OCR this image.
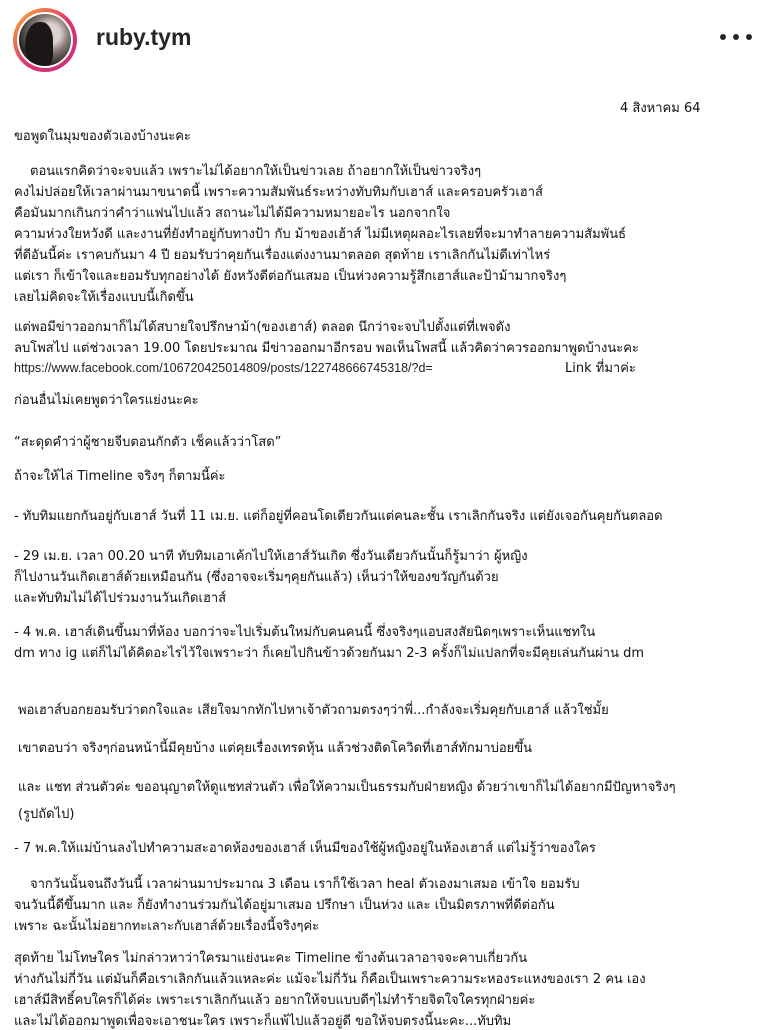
ruby.tym
4 สิงหาคม 64
ขอพูดในมุมของตัวเองบ้างนะคะ
ตอนแรกคิดว่าจะจบแล้ว เพราะไม่ได้อยากให้เป็นข่าวเลย ถ้าอยากให้เป็นข่าวจริงๆ
คงไม่ปล่อยให้เวลาผ่านมาขนาดนี้ เพราะความสัมพันธ์ระหว่างทับทิมกับเฮาส์ และครอบครัวเฮาส์
คือมันมากเกินกว่าคำว่าแฟนไปแล้ว สถานะไม่ได้มีความหมายอะไร นอกจากใจ
ความห่วงใยหวังดี และงานที่ยังทำอยู่กับทางป้า กับ ม้าของเฮ้าส์ ไม่มีเหตุผลอะไรเลยที่จะมาทำลายความสัมพันธ์
ที่ดีอันนี้ค่ะ เราคบกันมา 4 ปี ยอมรับว่าคุยกันเรื่องแต่งงานมาตลอด สุดท้าย เราเลิกกันไม่ดีเท่าไหร่
แต่เรา ก็เข้าใจและยอมรับทุกอย่างได้ ยังหวังดีต่อกันเสมอ เป็นห่วงความรู้สึกเฮาส์และป้าม้ามากจริงๆ
เลยไม่คิดจะให้เรื่องแบบนี้เกิดขึ้น
แต่พอมีข่าวออกมาก็ไม่ได้สบายใจปรึกษาม้า(ของเฮาส์) ตลอด นึกว่าจะจบไปตั้งแต่ที่เพจดัง
ลบโพสไป แต่ช่วงเวลา 19.00 โดยประมาณ มีข่าวออกมาอีกรอบ พอเห็นโพสนี้ แล้วคิดว่าควรออกมาพูดบ้างนะคะ
https://www.facebook.com/106720425014809/posts/122748666745318/?d=	Link ที่มาค่ะ
ก่อนอื่นไม่เคยพูดว่าใครแย่งนะคะ
“สะดุดคำว่าผู้ชายจีบตอนกักตัว เช็คแล้วว่าโสด”
ถ้าจะให้ไล่ Timeline จริงๆ ก็ตามนี้ค่ะ
- ทับทิมแยกกันอยู่กับเฮาส์ วันที่ 11 เม.ย. แต่ก็อยู่ที่คอนโดเดียวกันแต่คนละชั้น เราเลิกกันจริง แต่ยังเจอกันคุยกันตลอด
- 29 เม.ย. เวลา 00.20 นาที ทับทิมเอาเค้กไปให้เฮาส์วันเกิด ซึ่งวันเดียวกันนั้นก็รู้มาว่า ผู้หญิง
ก็ไปงานวันเกิดเฮาส์ด้วยเหมือนกัน (ซึ่งอาจจะเริ่มๆคุยกันแล้ว) เห็นว่าให้ของขวัญกันด้วย
และทับทิมไม่ได้ไปร่วมงานวันเกิดเฮาส์
- 4 พ.ค. เฮาส์เดินขึ้นมาที่ห้อง บอกว่าจะไปเริ่มต้นใหม่กับคนคนนี้ ซึ่งจริงๆแอบสงสัยนิดๆเพราะเห็นแชทใน
dm ทาง ig แต่ก็ไม่ได้คิดอะไรไว้ใจเพราะว่า ก็เคยไปกินข้าวด้วยกันมา 2-3 ครั้งก็ไม่แปลกที่จะมีคุยเล่นกันผ่าน dm
พอเฮาส์บอกยอมรับว่าตกใจและ เสียใจมากทักไปหาเจ้าตัวถามตรงๆว่าพี่...กำลังจะเริ่มคุยกับเฮาส์ แล้วใช่มั้ย
เขาตอบว่า จริงๆก่อนหน้านี้มีคุยบ้าง แต่คุยเรื่องเทรดหุ้น แล้วช่วงติดโควิดที่เฮาส์ทักมาบ่อยขึ้น
และ แชท ส่วนตัวค่ะ ขออนุญาตให้ดูแชทส่วนตัว เพื่อให้ความเป็นธรรมกับฝ่ายหญิง ด้วยว่าเขาก็ไม่ได้อยากมีปัญหาจริงๆ
(รูปถัดไป)
- 7 พ.ค.ให้แม่บ้านลงไปทำความสะอาดห้องของเฮาส์ เห็นมีของใช้ผู้หญิงอยู่ในห้องเฮาส์ แต่ไม่รู้ว่าของใคร
จากวันนั้นจนถึงวันนี้ เวลาผ่านมาประมาณ 3 เดือน เราก็ใช้เวลา heal ตัวเองมาเสมอ เข้าใจ ยอมรับ
จนวันนี้ดีขึ้นมาก และ ก็ยังทำงานร่วมกันได้อยู่มาเสมอ ปรึกษา เป็นห่วง และ เป็นมิตรภาพที่ดีต่อกัน
เพราะ ฉะนั้นไม่อยากทะเลาะกับเฮาส์ด้วยเรื่องนี้จริงๆค่ะ
สุดท้าย ไม่โทษใคร ไม่กล่าวหาว่าใครมาแย่งนะคะ Timeline ข้างต้นเวลาอาจจะคาบเกี่ยวกัน
ห่างกันไม่กี่วัน แต่มันก็คือเราเลิกกันแล้วแหละค่ะ แม้จะไม่กี่วัน ก็คือเป็นเพราะความระหองระแหงของเรา 2 คน เอง
เฮาส์มีสิทธิ์คบใครก็ได้ค่ะ เพราะเราเลิกกันแล้ว อยากให้จบแบบดีๆไม่ทำร้ายจิตใจใครทุกฝ่ายค่ะ
และไม่ได้ออกมาพูดเพื่อจะเอาชนะใคร เพราะก็แพ้ไปแล้วอยู่ดี ขอให้จบตรงนี้นะคะ...ทับทิม
